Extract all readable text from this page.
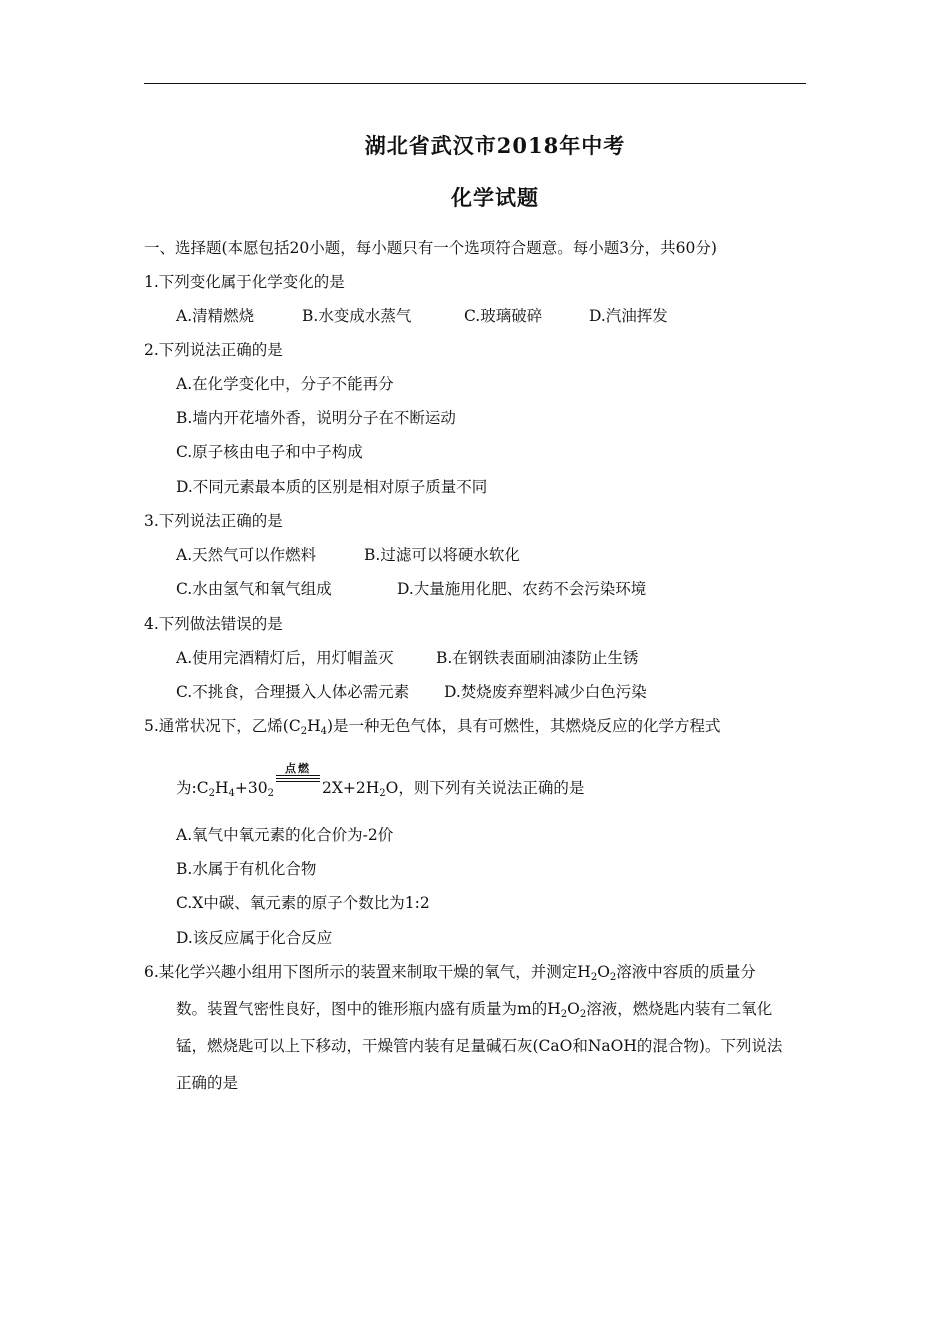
湖北省武汉市2018年中考
化学试题
一、选择题(本愿包括20小题，每小题只有一个选项符合题意。每小题3分，共60分)
1.下列变化属于化学变化的是
A.清精燃烧	B.水变成水蒸气	C.玻璃破碎	D.汽油挥发
2.下列说法正确的是
A.在化学变化中，分子不能再分
B.墙内开花墙外香，说明分子在不断运动
C.原子核由电子和中子构成
D.不同元素最本质的区别是相对原子质量不同
3.下列说法正确的是
A.天然气可以作燃料	B.过滤可以将硬水软化
C.水由氢气和氧气组成	D.大量施用化肥、农药不会污染环境
4.下列做法错误的是
A.使用完酒精灯后，用灯帽盖灭	B.在钢铁表面刷油漆防止生锈
C.不挑食，合理摄入人体必需元素 D.焚烧废弃塑料减少白色污染
5.通常状况下，乙烯$(C_2H_4)$是一种无色气体，具有可燃性，其燃烧反应的化学方程式
为$:C_2H_4+30_2$
点燃
$2X+2H_2O$，则下列有关说法正确的是
A.氧气中氧元素的化合价为-2价
B.水属于有机化合物
C.X中碳、氧元素的原子个数比为1:2
D.该反应属于化合反应
6.某化学兴趣小组用下图所示的装置来制取干燥的氧气，并测定$H_2O_2$溶液中容质的质量分
数。装置气密性良好，图中的锥形瓶内盛有质量为m的$H_2O_2$溶液，燃烧匙内装有二氧化
锰，燃烧匙可以上下移动，干燥管内装有足量碱石灰(CaO和NaOH的混合物)。下列说法
正确的是
